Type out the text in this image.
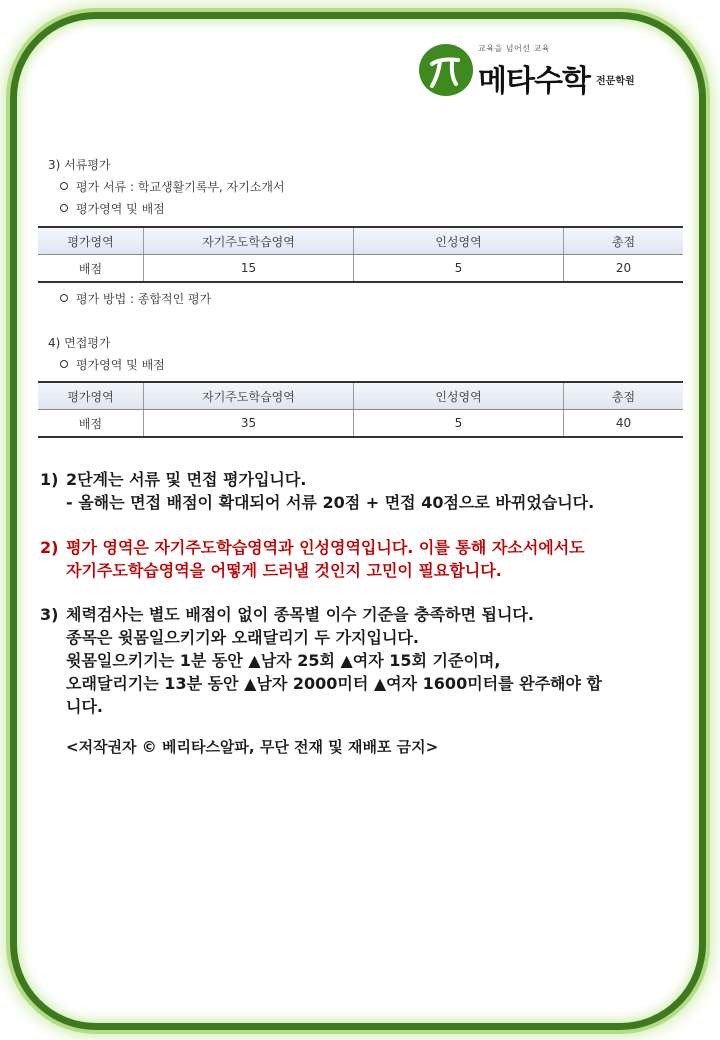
교육을 넘어선 교육
메타수학 전문학원
3) 서류평가
평가 서류 : 학교생활기록부, 자기소개서
평가영역 및 배점
평가영역	자기주도학습영역	인성영역	총점
배점	15	5	20
평가 방법 : 종합적인 평가
4) 면접평가
평가영역 및 배점
평가영역	자기주도학습영역	인성영역	총점
배점	35	5	40
1) 2단계는 서류 및 면접 평가입니다.
- 올해는 면접 배점이 확대되어 서류 20점 + 면접 40점으로 바뀌었습니다.
2) 평가 영역은 자기주도학습영역과 인성영역입니다. 이를 통해 자소서에서도
자기주도학습영역을 어떻게 드러낼 것인지 고민이 필요합니다.
3) 체력검사는 별도 배점이 없이 종목별 이수 기준을 충족하면 됩니다.
종목은 윗몸일으키기와 오래달리기 두 가지입니다.
윗몸일으키기는 1분 동안 ▲남자 25회 ▲여자 15회 기준이며,
오래달리기는 13분 동안 ▲남자 2000미터 ▲여자 1600미터를 완주해야 합
니다.
<저작권자 © 베리타스알파, 무단 전재 및 재배포 금지>
